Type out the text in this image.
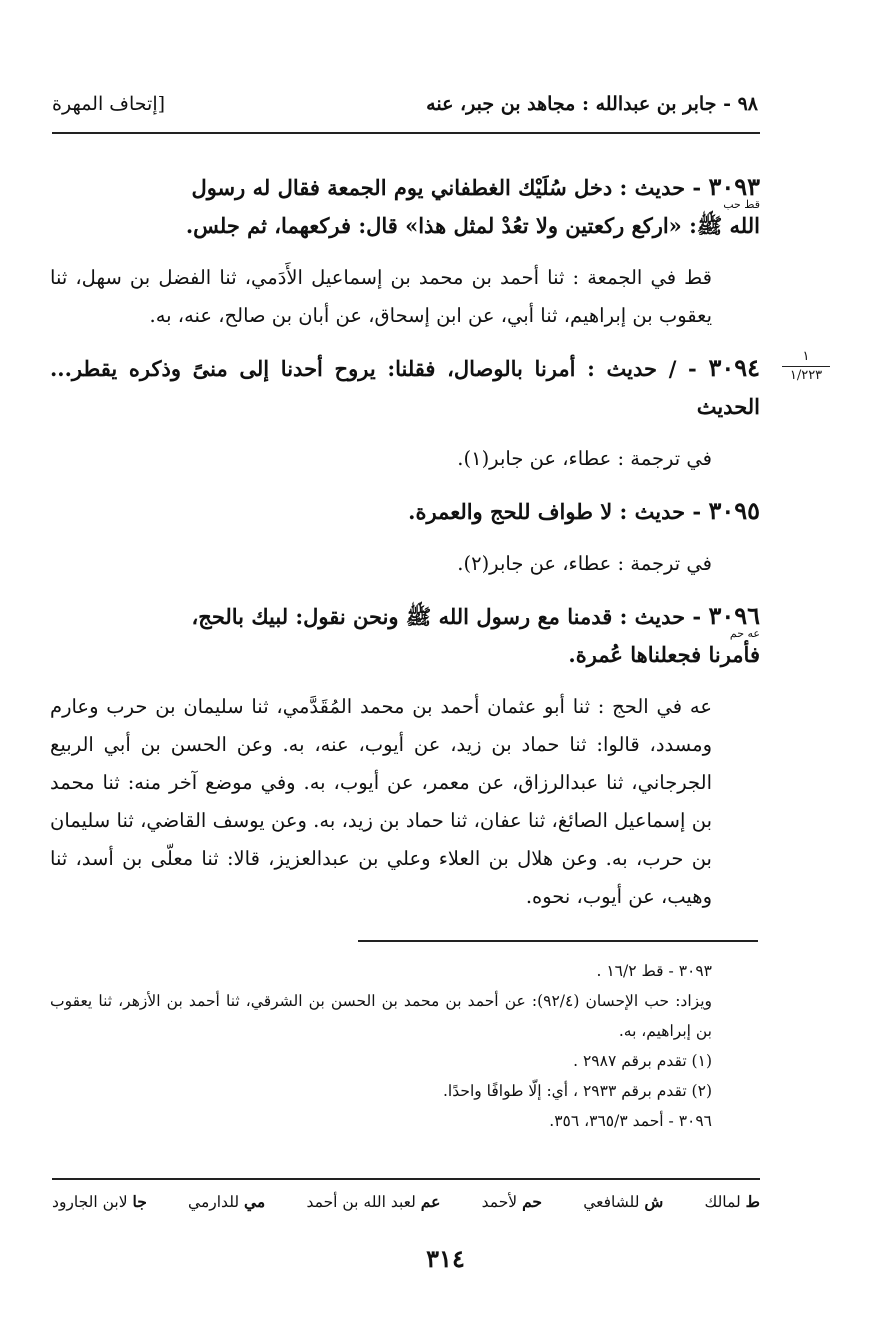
٩٨ - جابر بن عبدالله : مجاهد بن جبر، عنه
[إتحاف المهرة
١
١/٢٢٣

٣٠٩٣ - حديث : دخل سُلَيْك الغطفاني يوم الجمعة فقال له رسول

قط حب

الله ﷺ: «اركع ركعتين ولا تعُدْ لمثل هذا» قال: فركعهما، ثم جلس.

قط في الجمعة : ثنا أحمد بن محمد بن إسماعيل الأَدَمي، ثنا الفضل بن سهل، ثنا يعقوب بن إبراهيم، ثنا أبي، عن ابن إسحاق، عن أبان بن صالح، عنه، به.

٣٠٩٤ - / حديث : أمرنا بالوصال، فقلنا: يروح أحدنا إلى منىً وذكره يقطر... الحديث

في ترجمة : عطاء، عن جابر(١).

٣٠٩٥ - حديث : لا طواف للحج والعمرة.

في ترجمة : عطاء، عن جابر(٢).

٣٠٩٦ - حديث : قدمنا مع رسول الله ﷺ ونحن نقول: لبيك بالحج،

عه حم

فأمرنا فجعلناها عُمرة.

عه في الحج : ثنا أبو عثمان أحمد بن محمد المُقَدَّمي، ثنا سليمان بن حرب وعارم ومسدد، قالوا: ثنا حماد بن زيد، عن أيوب، عنه، به. وعن الحسن بن أبي الربيع الجرجاني، ثنا عبدالرزاق، عن معمر، عن أيوب، به. وفي موضع آخر منه: ثنا محمد بن إسماعيل الصائغ، ثنا عفان، ثنا حماد بن زيد، به. وعن يوسف القاضي، ثنا سليمان بن حرب، به. وعن هلال بن العلاء وعلي بن عبدالعزيز، قالا: ثنا معلّى بن أسد، ثنا وهيب، عن أيوب، نحوه.

٣٠٩٣ - قط ١٦/٢ .

ويزاد: حب الإحسان (٩٢/٤): عن أحمد بن محمد بن الحسن بن الشرقي، ثنا أحمد بن الأزهر، ثنا يعقوب بن إبراهيم، به.

(١) تقدم برقم ٢٩٨٧ .

(٢) تقدم برقم ٢٩٣٣ ، أي: إلّا طوافًا واحدًا.

٣٠٩٦ - أحمد ٣٦٥/٣، ٣٥٦.

ط لمالك
ش للشافعي
حم لأحمد
عم لعبد الله بن أحمد
مي للدارمي
جا لابن الجارود
٣١٤
